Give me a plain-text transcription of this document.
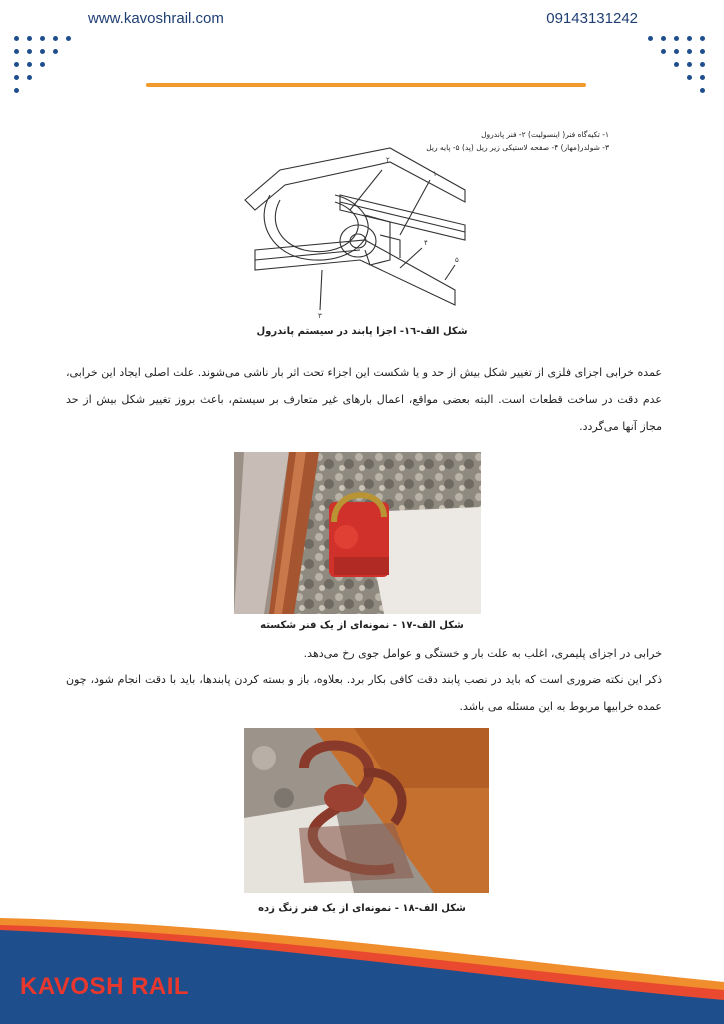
www.kavoshrail.com	09143131242
۱- تکیه‌گاه فنر( اینسولیت) ۲- فنر پاندرول
۳- شولدر(مهار) ۴- صفحه لاستیکی زیر ریل (پد) ۵- پایه ریل
۲
۱
۴
۵
۳
شکل الف-١٦- اجزا پابند در سیستم پاندرول
عمده خرابی اجزای فلزی از تغییر شکل بیش از حد و یا شکست این اجزاء تحت اثر بار ناشی می‌شوند. علت اصلی ایجاد این خرابی، عدم دقت در ساخت قطعات است. البته بعضی مواقع، اعمال بارهای غیر متعارف بر سیستم، باعث بروز تغییر شکل بیش از حد مجاز آنها می‌گردد.
شکل الف-١٧ - نمونه‌ای از یک فنر شکسته
خرابی در اجزای پلیمری، اغلب به علت بار و خستگی و عوامل جوی رخ می‌دهد.
ذکر این نکته ضروری است که باید در نصب پابند دقت کافی بکار برد. بعلاوه، باز و بسته کردن پابندها، باید با دقت انجام شود، چون عمده خرابیها مربوط به این مسئله می باشد.
شکل الف-١٨ - نمونه‌ای از یک فنر زنگ زده
KAVOSH RAIL
